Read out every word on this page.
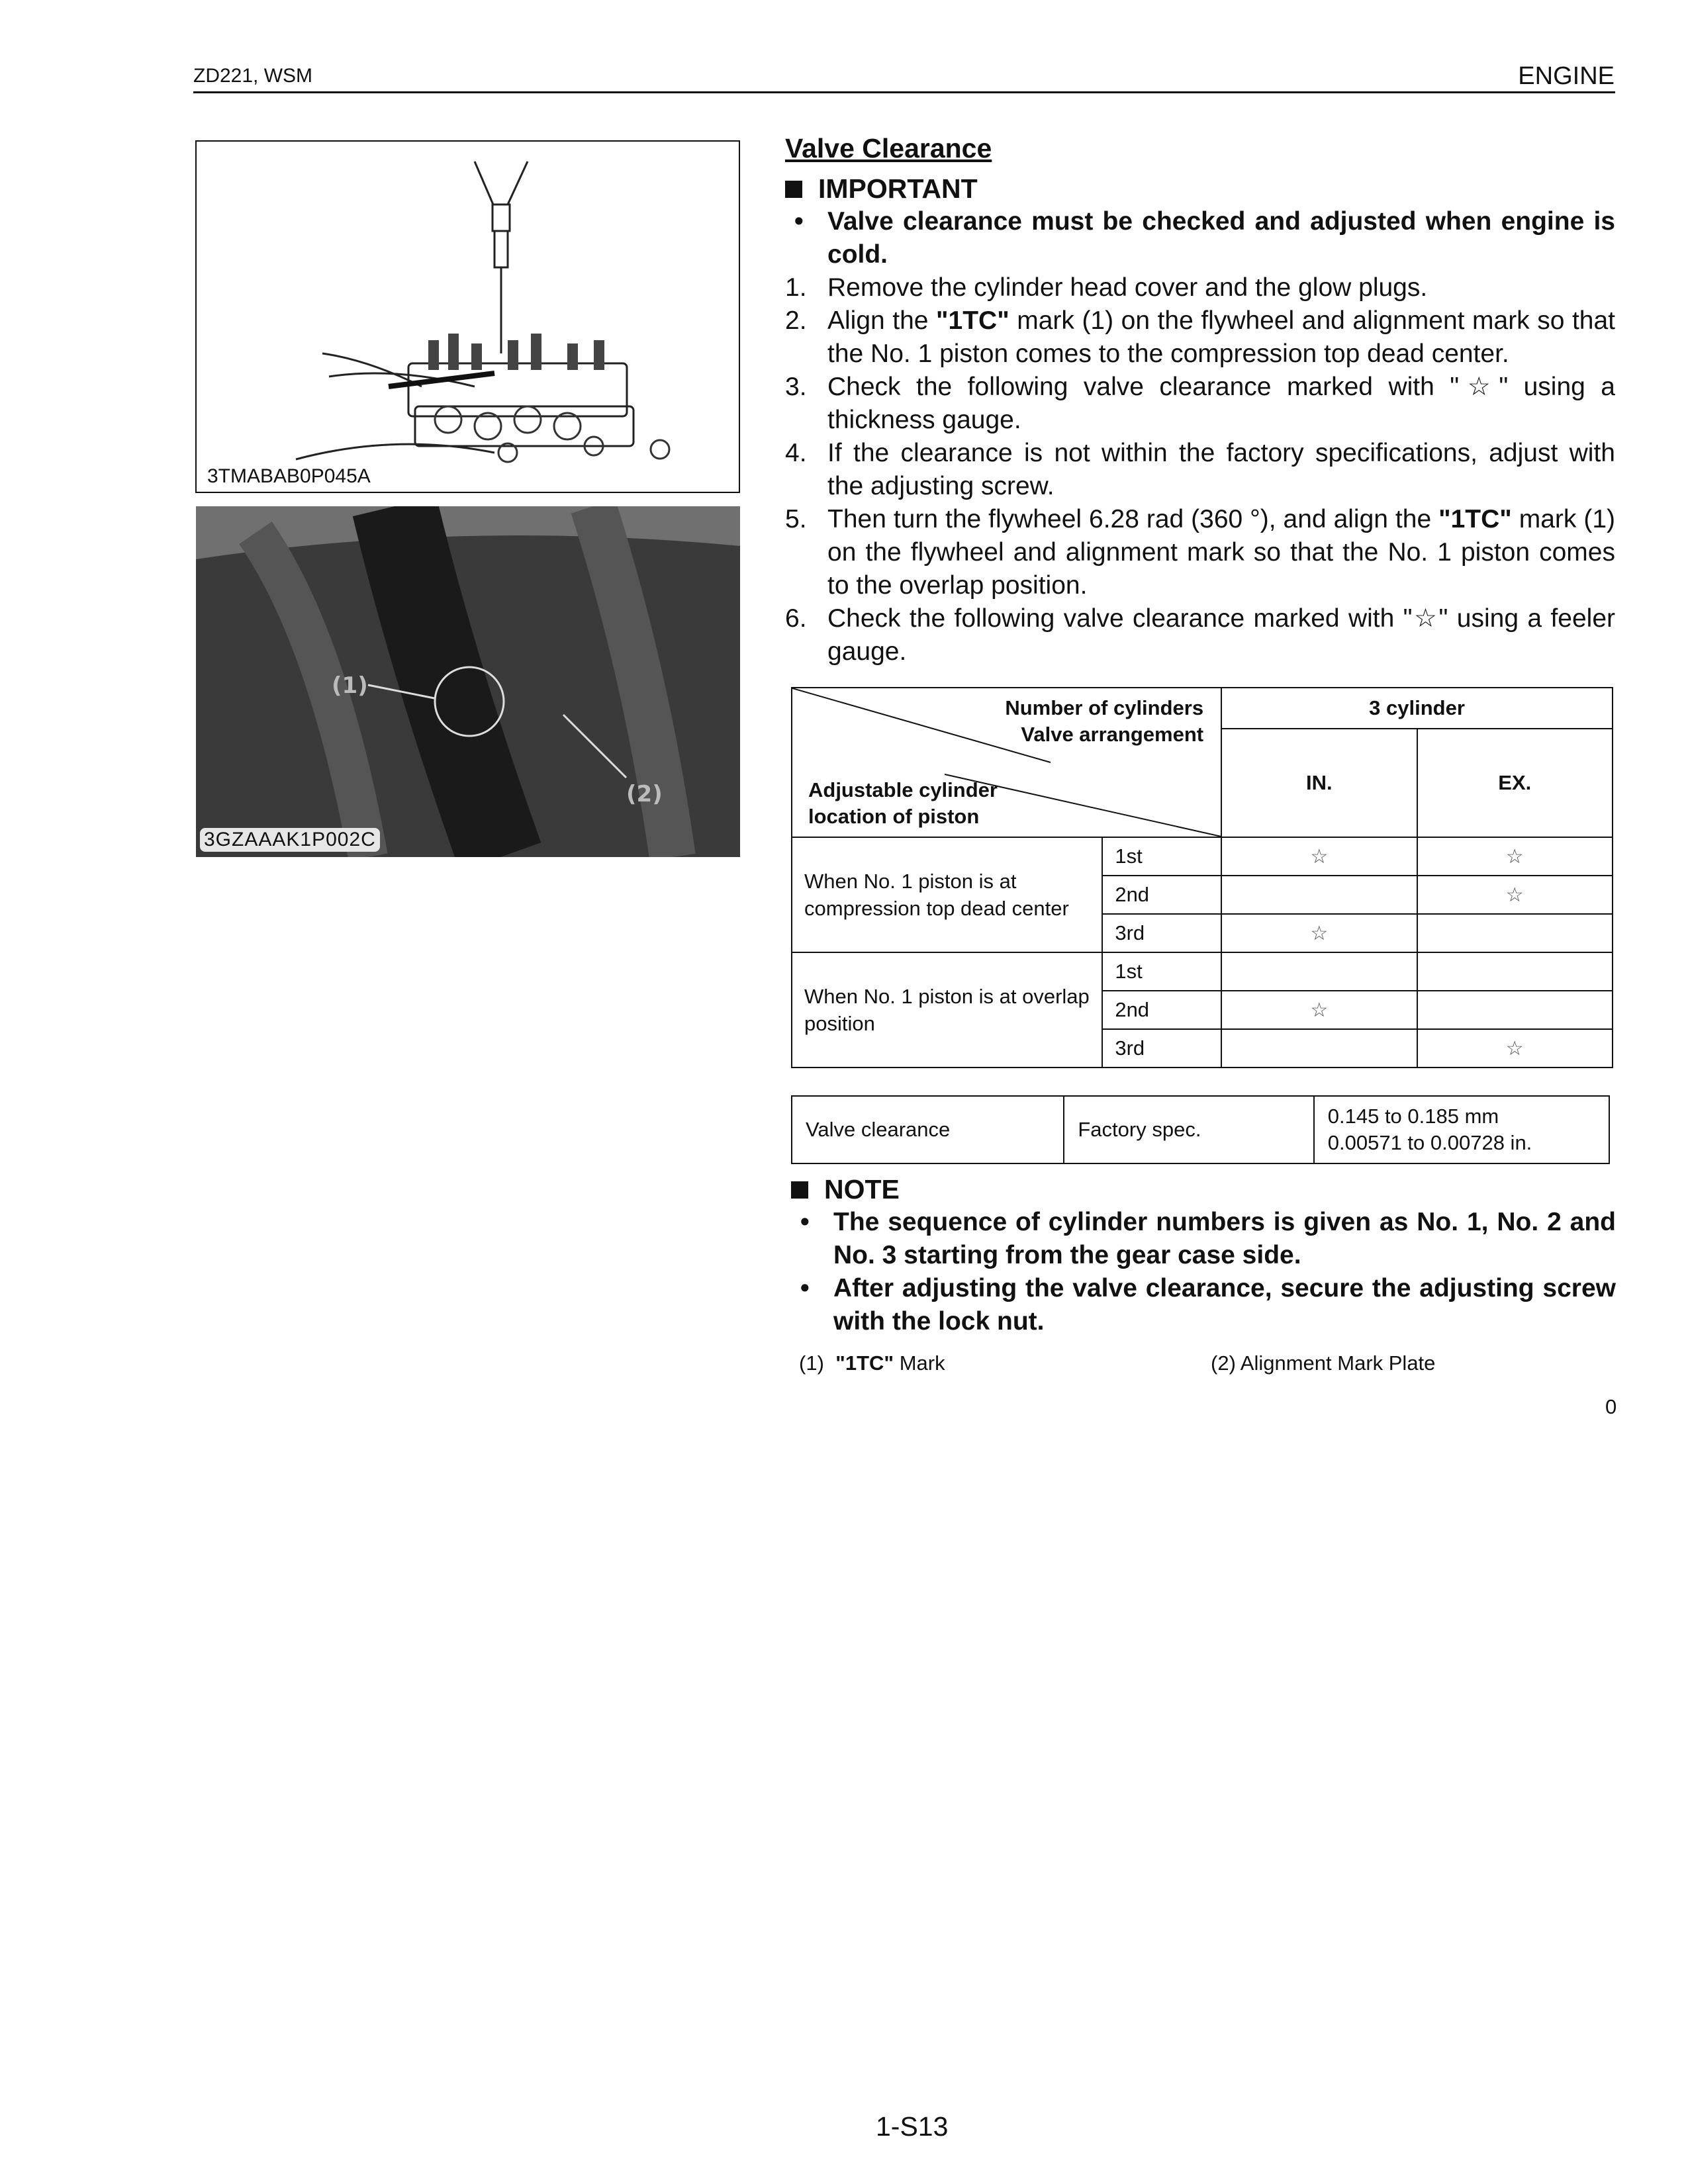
ZD221, WSM	ENGINE
3TMABAB0P045A
(1)
(2)
3GZAAAK1P002C
Valve Clearance
IMPORTANT
• Valve clearance must be checked and adjusted when engine is cold.
1. Remove the cylinder head cover and the glow plugs.
2. Align the "1TC" mark (1) on the flywheel and alignment mark so that the No. 1 piston comes to the compression top dead center.
3. Check the following valve clearance marked with "☆" using a thickness gauge.
4. If the clearance is not within the factory specifications, adjust with the adjusting screw.
5. Then turn the flywheel 6.28 rad (360 °), and align the "1TC" mark (1) on the flywheel and alignment mark so that the No. 1 piston comes to the overlap position.
6. Check the following valve clearance marked with "☆" using a feeler gauge.
Number of cylinders
Valve arrangement
Adjustable cylinder
location of piston		3 cylinder	
		IN.	EX.
When No. 1 piston is at compression top dead center	1st	☆	☆
	2nd		☆
	3rd	☆	
When No. 1 piston is at overlap position	1st		
	2nd	☆	
	3rd		☆
Valve clearance	Factory spec.	
0.145 to 0.185 mm
0.00571 to 0.00728 in.
NOTE
• The sequence of cylinder numbers is given as No. 1, No. 2 and No. 3 starting from the gear case side.
• After adjusting the valve clearance, secure the adjusting screw with the lock nut.
(1) "1TC" Mark	(2) Alignment Mark Plate
0
1-S13
